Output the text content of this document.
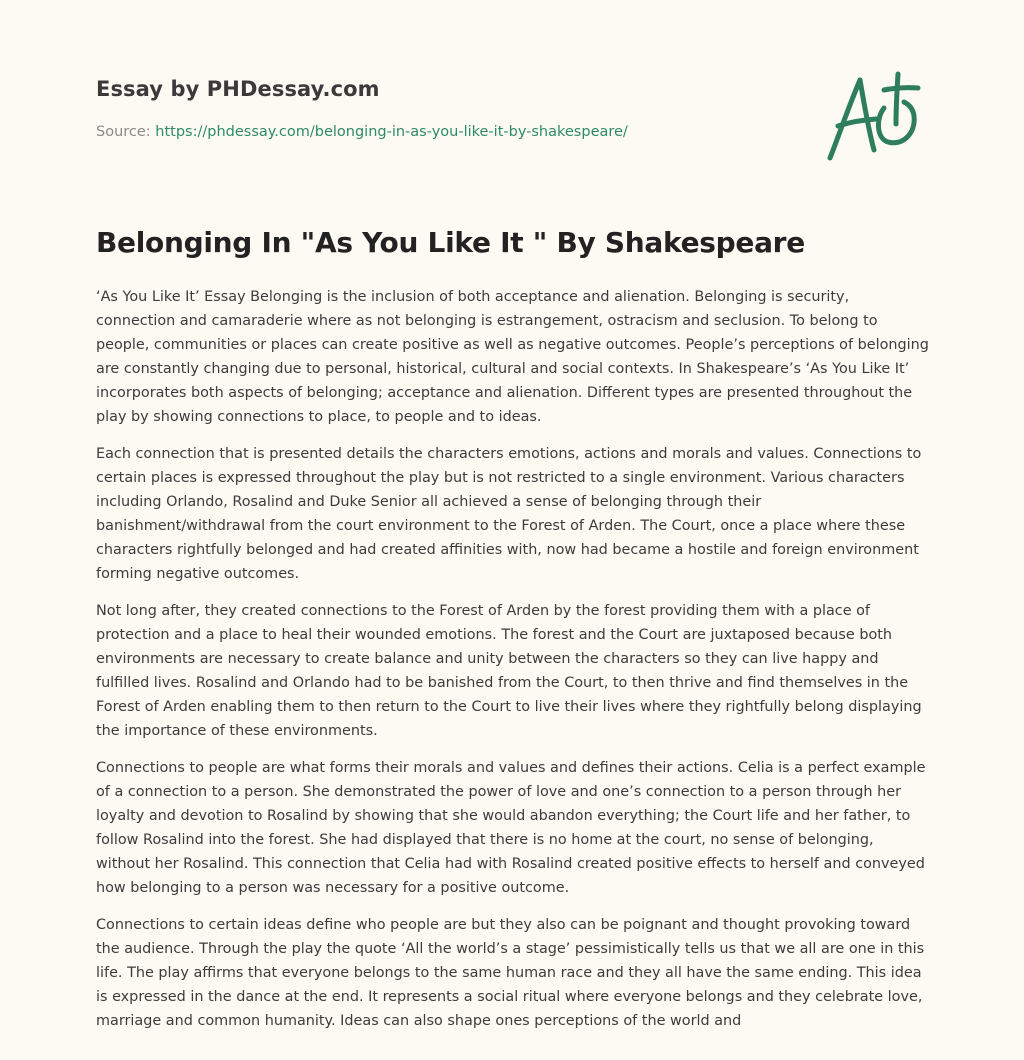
Essay by PHDessay.com
Source: https://phdessay.com/belonging-in-as-you-like-it-by-shakespeare/
Belonging In "As You Like It " By Shakespeare

‘As You Like It’ Essay Belonging is the inclusion of both acceptance and alienation. Belonging is security, connection and camaraderie where as not belonging is estrangement, ostracism and seclusion. To belong to people, communities or places can create positive as well as negative outcomes. People’s perceptions of belonging are constantly changing due to personal, historical, cultural and social contexts. In Shakespeare’s ‘As You Like It’ incorporates both aspects of belonging; acceptance and alienation. Different types are presented throughout the play by showing connections to place, to people and to ideas.

Each connection that is presented details the characters emotions, actions and morals and values. Connections to certain places is expressed throughout the play but is not restricted to a single environment. Various characters including Orlando, Rosalind and Duke Senior all achieved a sense of belonging through their banishment/withdrawal from the court environment to the Forest of Arden. The Court, once a place where these characters rightfully belonged and had created affinities with, now had became a hostile and foreign environment forming negative outcomes.

Not long after, they created connections to the Forest of Arden by the forest providing them with a place of protection and a place to heal their wounded emotions. The forest and the Court are juxtaposed because both environments are necessary to create balance and unity between the characters so they can live happy and fulfilled lives. Rosalind and Orlando had to be banished from the Court, to then thrive and find themselves in the Forest of Arden enabling them to then return to the Court to live their lives where they rightfully belong displaying the importance of these environments.

Connections to people are what forms their morals and values and defines their actions. Celia is a perfect example of a connection to a person. She demonstrated the power of love and one’s connection to a person through her loyalty and devotion to Rosalind by showing that she would abandon everything; the Court life and her father, to follow Rosalind into the forest. She had displayed that there is no home at the court, no sense of belonging, without her Rosalind. This connection that Celia had with Rosalind created positive effects to herself and conveyed how belonging to a person was necessary for a positive outcome.

Connections to certain ideas define who people are but they also can be poignant and thought provoking toward the audience. Through the play the quote ‘All the world’s a stage’ pessimistically tells us that we all are one in this life. The play affirms that everyone belongs to the same human race and they all have the same ending. This idea is expressed in the dance at the end. It represents a social ritual where everyone belongs and they celebrate love, marriage and common humanity. Ideas can also shape ones perceptions of the world and
